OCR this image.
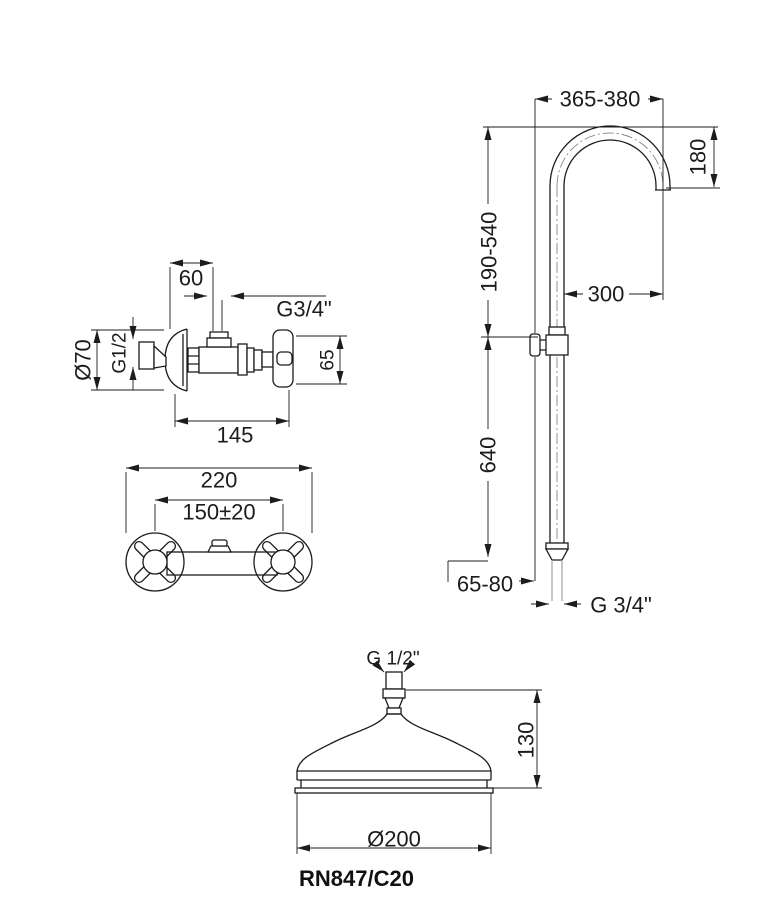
365-380
180
190-540
300
640
65-80
G 3/4"
60
G3/4"
Ø70 G1/2	65
145
220
150±20
G 1/2"
130
Ø200
RN847/C20
